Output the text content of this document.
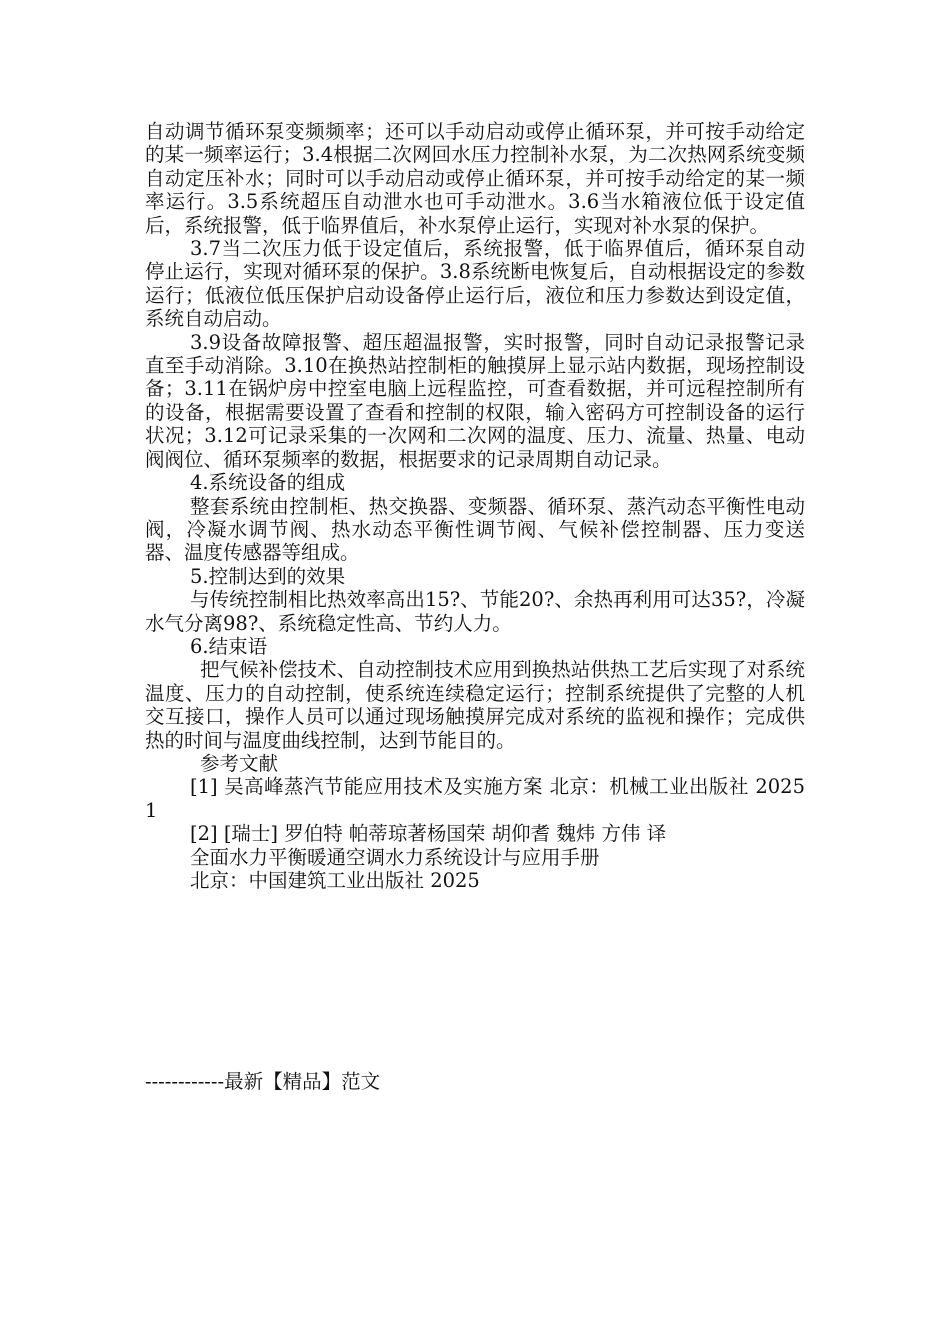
自动调节循环泵变频频率；还可以手动启动或停止循环泵，并可按手动给定的某一频率运行；3.4根据二次网回水压力控制补水泵，为二次热网系统变频自动定压补水；同时可以手动启动或停止循环泵，并可按手动给定的某一频率运行。3.5系统超压自动泄水也可手动泄水。3.6当水箱液位低于设定值后，系统报警，低于临界值后，补水泵停止运行，实现对补水泵的保护。

3.7当二次压力低于设定值后，系统报警，低于临界值后，循环泵自动停止运行，实现对循环泵的保护。3.8系统断电恢复后，自动根据设定的参数运行；低液位低压保护启动设备停止运行后，液位和压力参数达到设定值，系统自动启动。

3.9设备故障报警、超压超温报警，实时报警，同时自动记录报警记录直至手动消除。3.10在换热站控制柜的触摸屏上显示站内数据，现场控制设备；3.11在锅炉房中控室电脑上远程监控，可查看数据，并可远程控制所有的设备，根据需要设置了查看和控制的权限，输入密码方可控制设备的运行状况；3.12可记录采集的一次网和二次网的温度、压力、流量、热量、电动阀阀位、循环泵频率的数据，根据要求的记录周期自动记录。

4.系统设备的组成

整套系统由控制柜、热交换器、变频器、循环泵、蒸汽动态平衡性电动阀，冷凝水调节阀、热水动态平衡性调节阀、气候补偿控制器、压力变送器、温度传感器等组成。

5.控制达到的效果

与传统控制相比热效率高出15?、节能20?、余热再利用可达35?，冷凝水气分离98?、系统稳定性高、节约人力。

6.结束语

把气候补偿技术、自动控制技术应用到换热站供热工艺后实现了对系统温度、压力的自动控制，使系统连续稳定运行；控制系统提供了完整的人机交互接口，操作人员可以通过现场触摸屏完成对系统的监视和操作；完成供热的时间与温度曲线控制，达到节能目的。

参考文献

[1] 吴高峰蒸汽节能应用技术及实施方案 北京：机械工业出版社 2025 1

[2] [瑞士] 罗伯特 帕蒂琼著杨国荣 胡仰耆 魏炜 方伟 译

全面水力平衡暖通空调水力系统设计与应用手册

北京：中国建筑工业出版社 2025

------------最新【精品】范文
